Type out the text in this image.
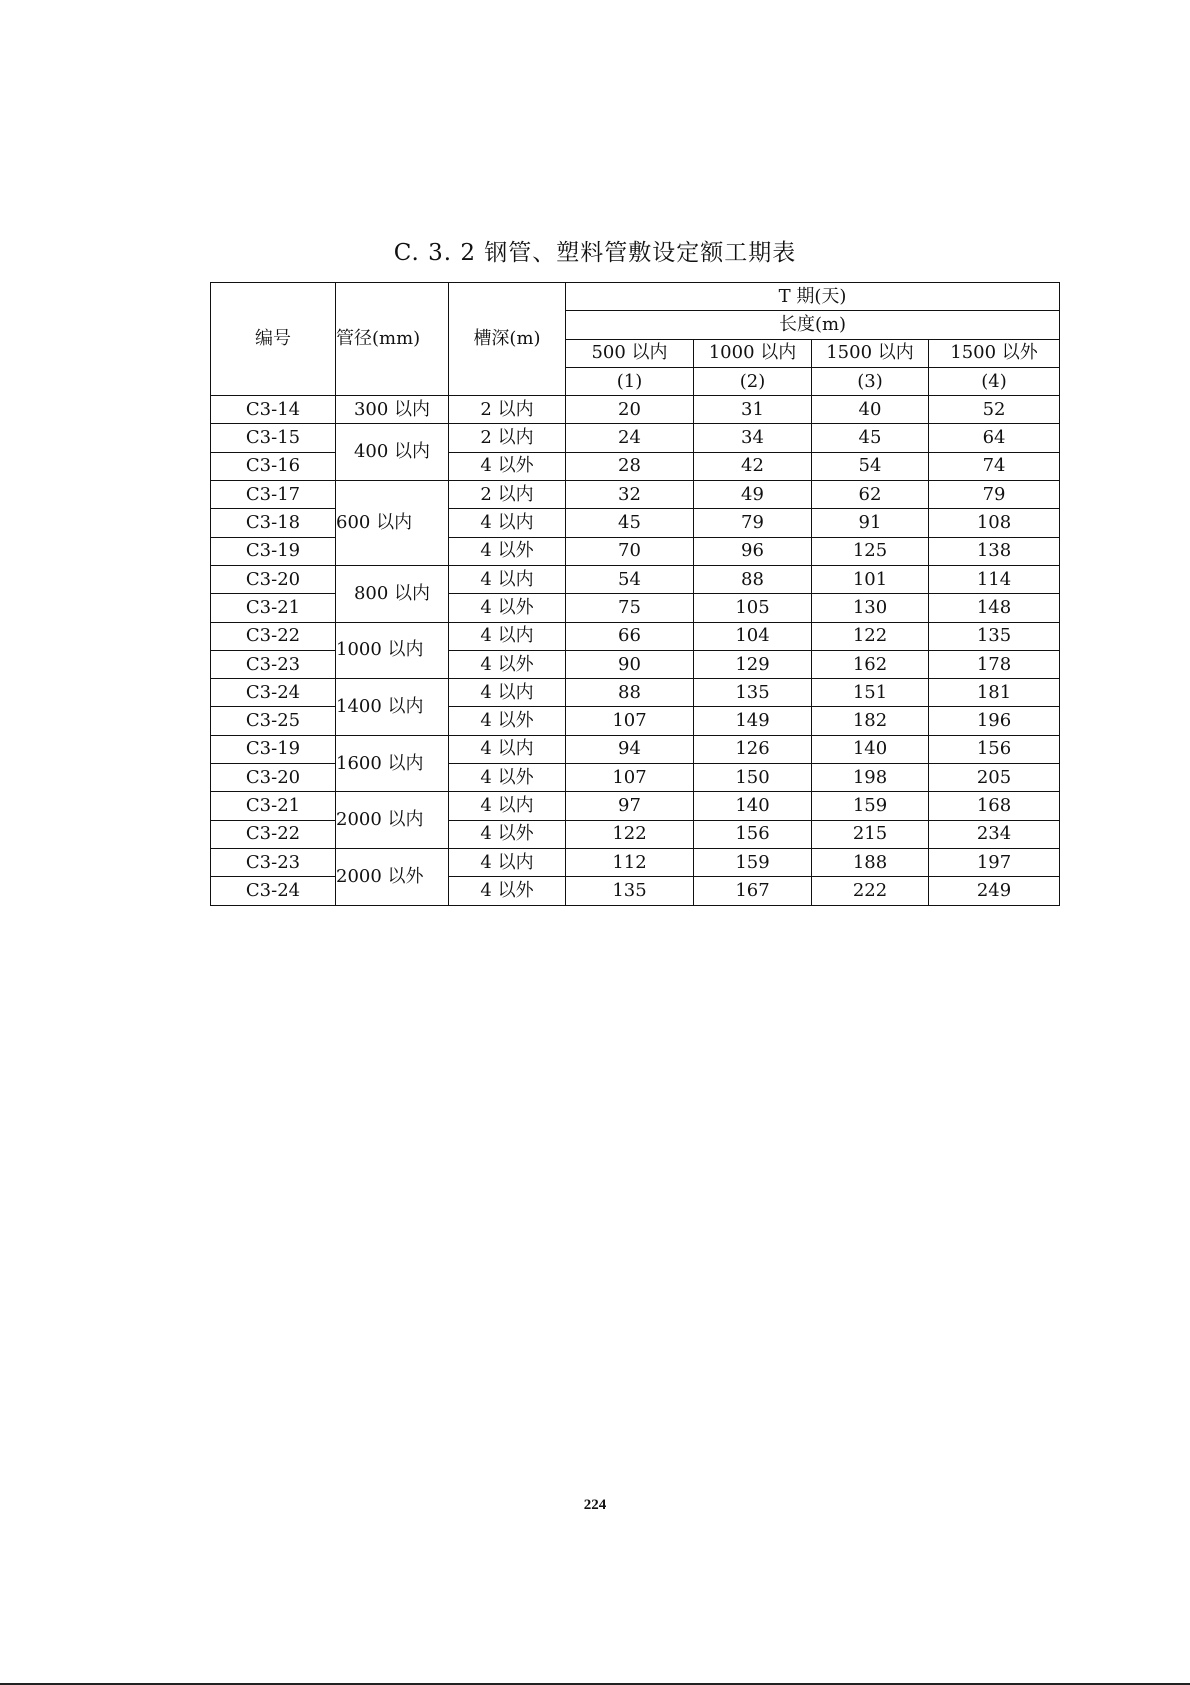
C. 3. 2 钢管、塑料管敷设定额工期表
编号	管径(mm)	槽深(m)	T 期(天)			
			长度(m)			
			500 以内	1000 以内	1500 以内	1500 以外
			(1)	(2)	(3)	(4)
C3-14	300 以内	2 以内	20	31	40	52
C3-15	400 以内	2 以内	24	34	45	64
C3-16		4 以外	28	42	54	74
C3-17	600 以内	2 以内	32	49	62	79
C3-18		4 以内	45	79	91	108
C3-19		4 以外	70	96	125	138
C3-20	800 以内	4 以内	54	88	101	114
C3-21		4 以外	75	105	130	148
C3-22	1000 以内	4 以内	66	104	122	135
C3-23		4 以外	90	129	162	178
C3-24	1400 以内	4 以内	88	135	151	181
C3-25		4 以外	107	149	182	196
C3-19	1600 以内	4 以内	94	126	140	156
C3-20		4 以外	107	150	198	205
C3-21	2000 以内	4 以内	97	140	159	168
C3-22		4 以外	122	156	215	234
C3-23	2000 以外	4 以内	112	159	188	197
C3-24		4 以外	135	167	222	249
224
